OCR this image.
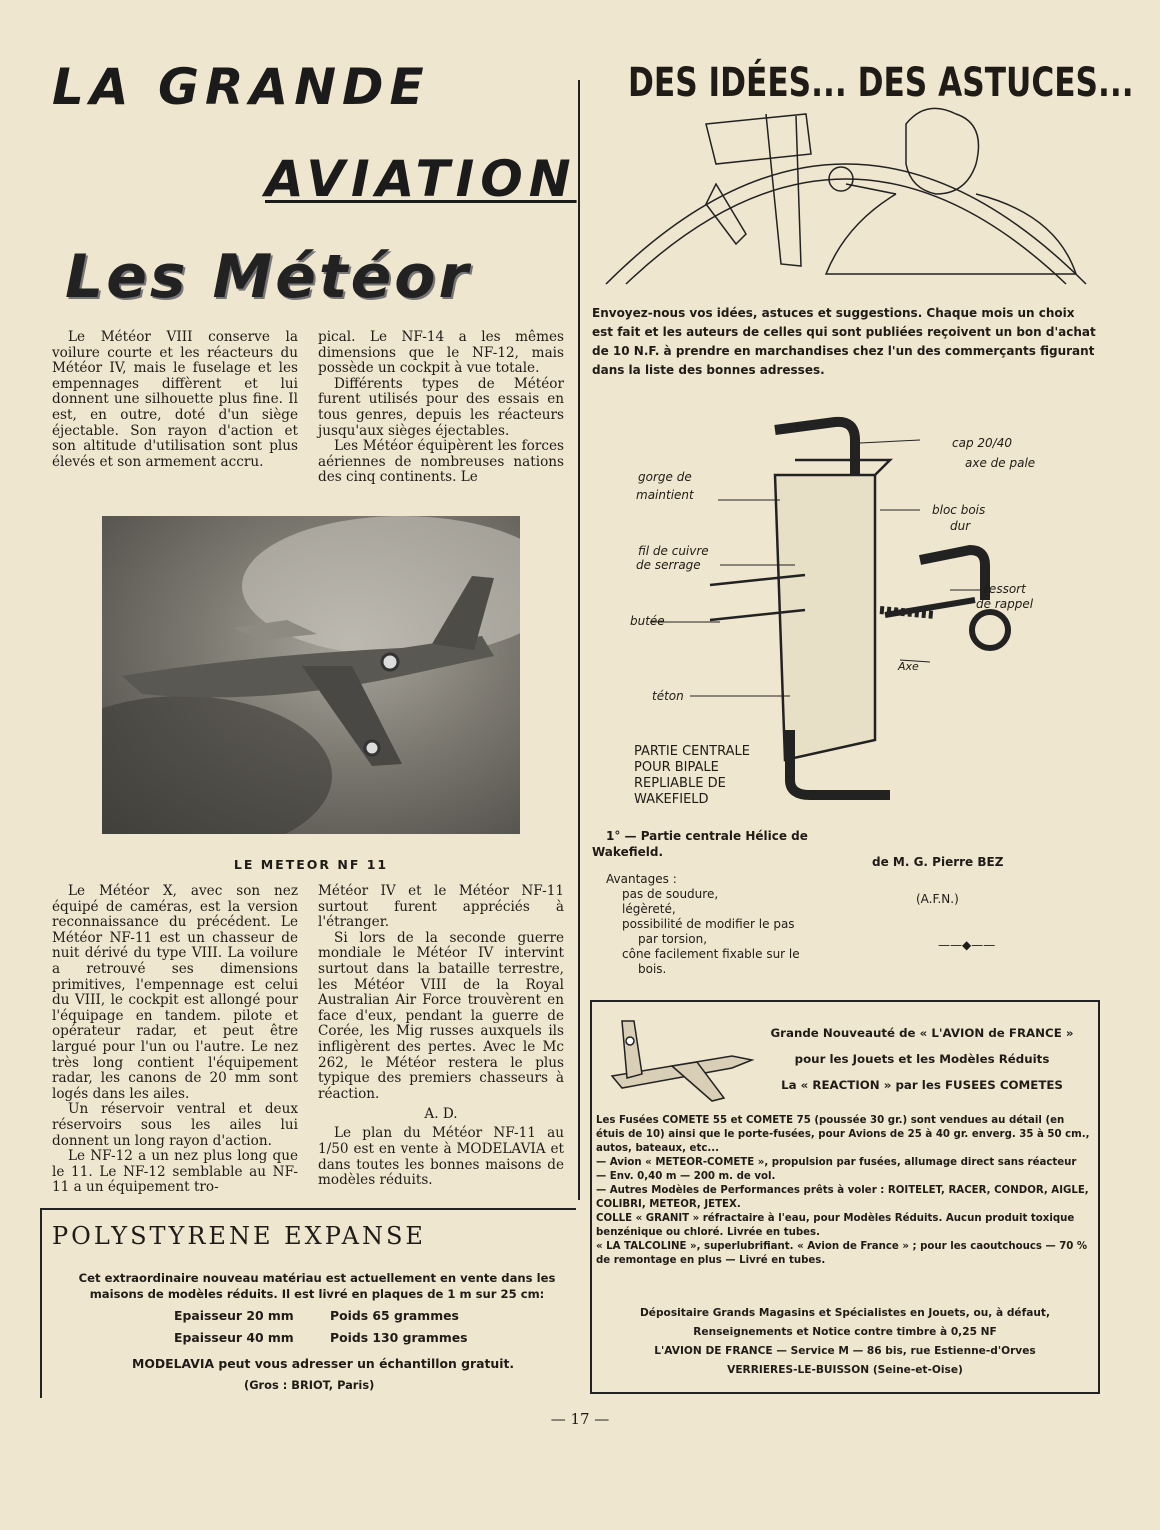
LA GRANDE
AVIATION
Les Météor

Le Météor VIII conserve la voilure courte et les réacteurs du Météor IV, mais le fuselage et les empennages diffèrent et lui donnent une silhouette plus fine. Il est, en outre, doté d'un siège éjectable. Son rayon d'action et son altitude d'utilisation sont plus élevés et son armement accru.

pical. Le NF-14 a les mêmes dimensions que le NF-12, mais possède un cockpit à vue totale.

Différents types de Météor furent utilisés pour des essais en tous genres, depuis les réacteurs jusqu'aux sièges éjectables.

Les Météor équipèrent les forces aériennes de nombreuses nations des cinq continents. Le

LE METEOR NF 11

Le Météor X, avec son nez équipé de caméras, est la version reconnaissance du précédent. Le Météor NF-11 est un chasseur de nuit dérivé du type VIII. La voilure a retrouvé ses dimensions primitives, l'empennage est celui du VIII, le cockpit est allongé pour l'équipage en tandem. pilote et opérateur radar, et peut être largué pour l'un ou l'autre. Le nez très long contient l'équipement radar, les canons de 20 mm sont logés dans les ailes.

Un réservoir ventral et deux réservoirs sous les ailes lui donnent un long rayon d'action.

Le NF-12 a un nez plus long que le 11. Le NF-12 semblable au NF-11 a un équipement tro-

Météor IV et le Météor NF-11 surtout furent appréciés à l'étranger.

Si lors de la seconde guerre mondiale le Météor IV intervint surtout dans la bataille terrestre, les Météor VIII de la Royal Australian Air Force trouvèrent en face d'eux, pendant la guerre de Corée, les Mig russes auxquels ils infligèrent des pertes. Avec le Mc 262, le Météor restera le plus typique des premiers chasseurs à réaction.

A. D.

Le plan du Météor NF-11 au 1/50 est en vente à MODELAVIA et dans toutes les bonnes maisons de modèles réduits.

POLYSTYRENE EXPANSE
Cet extraordinaire nouveau matériau est actuellement en vente dans les maisons de modèles réduits. Il est livré en plaques de 1 m sur 25 cm:
Epaisseur 20 mm	Poids 65 grammes
Epaisseur 40 mm	Poids 130 grammes
MODELAVIA peut vous adresser un échantillon gratuit.
(Gros : BRIOT, Paris)
DES IDÉES... DES ASTUCES...
Envoyez-nous vos idées, astuces et suggestions. Chaque mois un choix est fait et les auteurs de celles qui sont publiées reçoivent un bon d'achat de 10 N.F. à prendre en marchandises chez l'un des commerçants figurant dans la liste des bonnes adresses.
cap 20/40
axe de pale
gorge de
maintient
bloc bois
dur
fil de cuivre
de serrage
ressort
de rappel
butée
Axe
téton
PARTIE CENTRALE
POUR BIPALE
REPLIABLE DE
WAKEFIELD
1° — Partie centrale Hélice de
Wakefield.
de M. G. Pierre BEZ
(A.F.N.)
——◆——
Avantages :
pas de soudure,
légèreté,
possibilité de modifier le pas
par torsion,
cône facilement fixable sur le
bois.
Grande Nouveauté de « L'AVION de FRANCE »
pour les Jouets et les Modèles Réduits
La « REACTION » par les FUSEES COMETES
Les Fusées COMETE 55 et COMETE 75 (poussée 30 gr.) sont vendues au détail (en étuis de 10) ainsi que le porte-fusées, pour Avions de 25 à 40 gr. enverg. 35 à 50 cm., autos, bateaux, etc...
— Avion « METEOR-COMETE », propulsion par fusées, allumage direct sans réacteur — Env. 0,40 m — 200 m. de vol.
— Autres Modèles de Performances prêts à voler : ROITELET, RACER, CONDOR, AIGLE, COLIBRI, METEOR, JETEX.
COLLE « GRANIT » réfractaire à l'eau, pour Modèles Réduits. Aucun produit toxique benzénique ou chloré. Livrée en tubes.
« LA TALCOLINE », superlubrifiant. « Avion de France » ; pour les caoutchoucs — 70 % de remontage en plus — Livré en tubes.
Dépositaire Grands Magasins et Spécialistes en Jouets, ou, à défaut,
Renseignements et Notice contre timbre à 0,25 NF
L'AVION DE FRANCE — Service M — 86 bis, rue Estienne-d'Orves
VERRIERES-LE-BUISSON (Seine-et-Oise)
— 17 —
